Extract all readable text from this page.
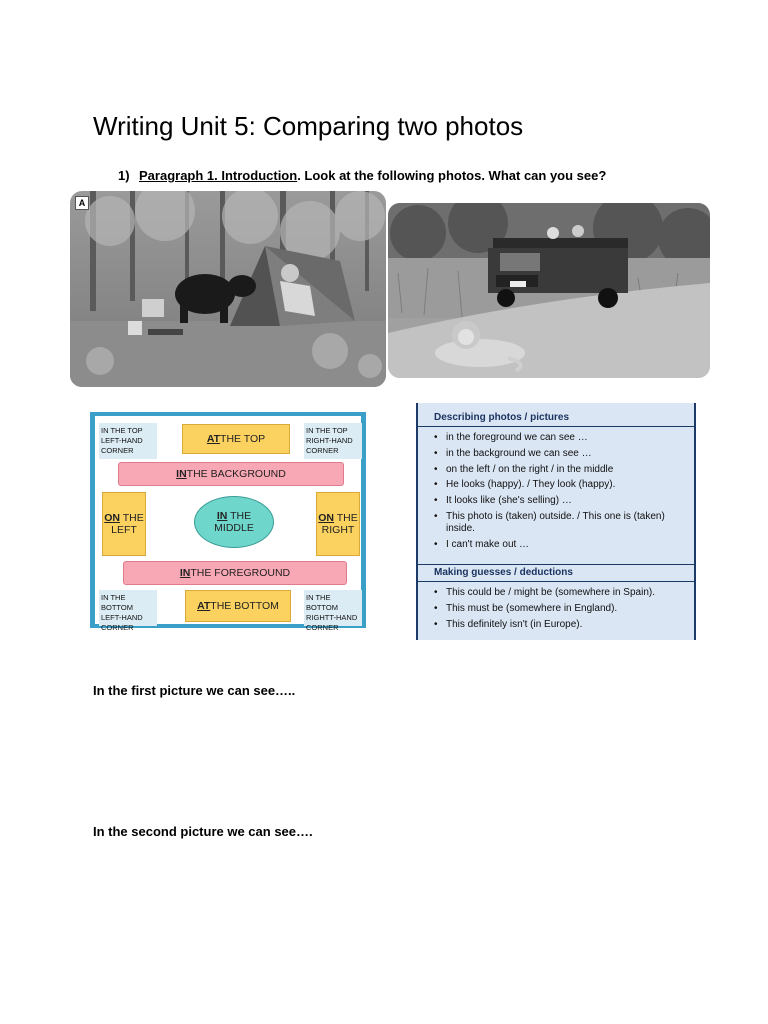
Writing Unit 5: Comparing two photos
1) Paragraph 1. Introduction. Look at the following photos. What can you see?
A
IN THE TOP
LEFT-HAND
CORNER
IN THE TOP
RIGHT-HAND
CORNER
IN THE BOTTOM
LEFT-HAND
CORNER
IN THE BOTTOM
RIGHTT-HAND
CORNER
AT THE TOP
AT THE BOTTOM
IN THE BACKGROUND
IN THE FOREGROUND
ON THE
LEFT
ON THE
RIGHT
IN THE
MIDDLE
Describing photos / pictures
• in the foreground we can see …
• in the background we can see …
• on the left / on the right / in the middle
• He looks (happy). / They look (happy).
• It looks like (she's selling) …
• This photo is (taken) outside. / This one is (taken) inside.
• I can't make out …
Making guesses / deductions
• This could be / might be (somewhere in Spain).
• This must be (somewhere in England).
• This definitely isn't (in Europe).
In the first picture we can see…..
In the second picture we can see….
